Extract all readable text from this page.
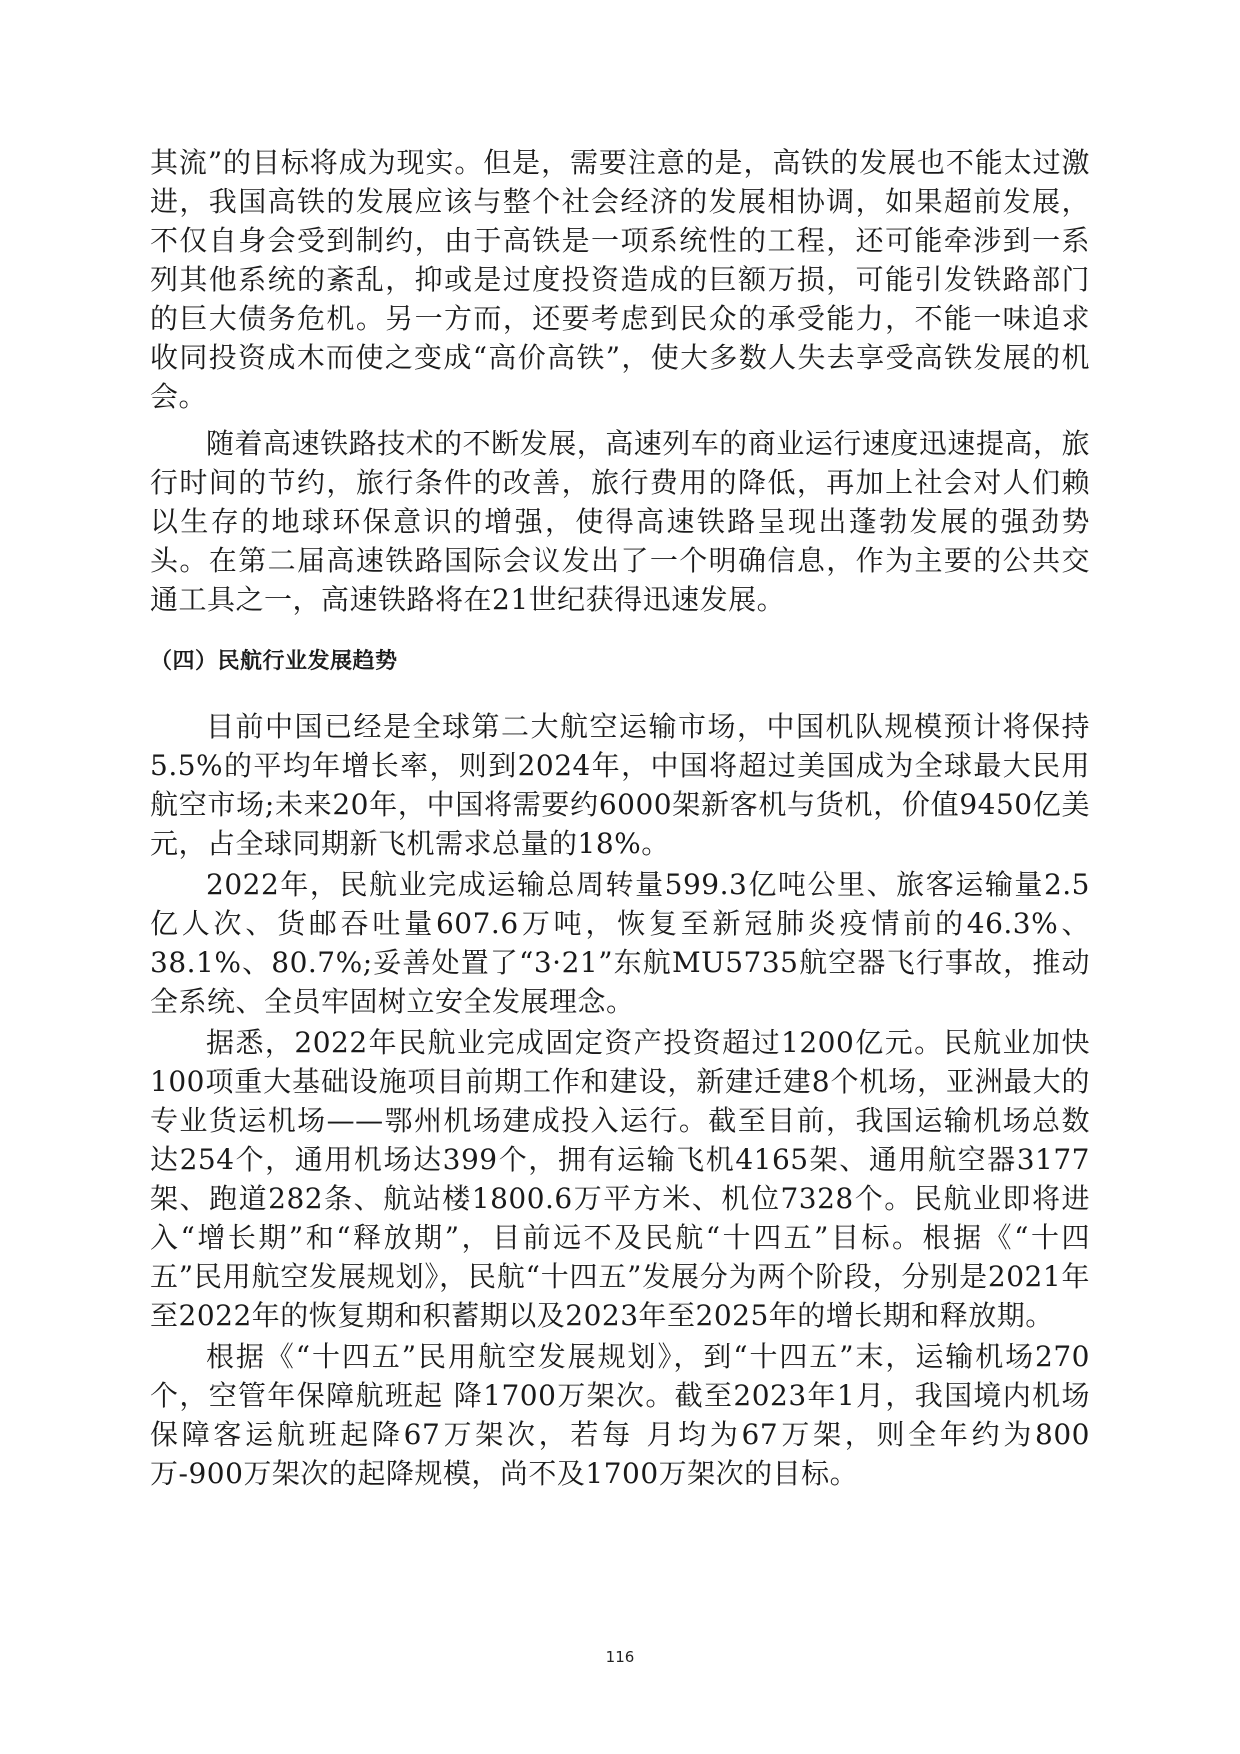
其流”的目标将成为现实。但是，需要注意的是，高铁的发展也不能太过激进，我国高铁的发展应该与整个社会经济的发展相协调，如果超前发展，不仅自身会受到制约，由于高铁是一项系统性的工程，还可能牵涉到一系列其他系统的紊乱，抑或是过度投资造成的巨额万损，可能引发铁路部门的巨大债务危机。另一方而，还要考虑到民众的承受能力，不能一味追求收同投资成木而使之变成“高价高铁”，使大多数人失去享受高铁发展的机会。

随着高速铁路技术的不断发展，高速列车的商业运行速度迅速提高，旅行时间的节约，旅行条件的改善，旅行费用的降低，再加上社会对人们赖以生存的地球环保意识的增强，使得高速铁路呈现出蓬勃发展的强劲势头。在第二届高速铁路国际会议发出了一个明确信息，作为主要的公共交通工具之一，高速铁路将在21世纪获得迅速发展。

（四）民航行业发展趋势

目前中国已经是全球第二大航空运输市场，中国机队规模预计将保持5.5%的平均年增长率，则到2024年，中国将超过美国成为全球最大民用航空市场;未来20年，中国将需要约6000架新客机与货机，价值9450亿美元，占全球同期新飞机需求总量的18%。

2022年，民航业完成运输总周转量599.3亿吨公里、旅客运输量2.5亿人次、货邮吞吐量607.6万吨，恢复至新冠肺炎疫情前的46.3%、38.1%、80.7%;妥善处置了“3·21”东航MU5735航空器飞行事故，推动全系统、全员牢固树立安全发展理念。

据悉，2022年民航业完成固定资产投资超过1200亿元。民航业加快100项重大基础设施项目前期工作和建设，新建迁建8个机场，亚洲最大的专业货运机场——鄂州机场建成投入运行。截至目前，我国运输机场总数达254个，通用机场达399个，拥有运输飞机4165架、通用航空器3177架、跑道282条、航站楼1800.6万平方米、机位7328个。民航业即将进入“增长期”和“释放期”，目前远不及民航“十四五”目标。根据《“十四五”民用航空发展规划》，民航“十四五”发展分为两个阶段，分别是2021年至2022年的恢复期和积蓄期以及2023年至2025年的增长期和释放期。

根据《“十四五”民用航空发展规划》，到“十四五”末，运输机场270个，空管年保障航班起 降1700万架次。截至2023年1月，我国境内机场保障客运航班起降67万架次，若每 月均为67万架，则全年约为800万-900万架次的起降规模，尚不及1700万架次的目标。

116
